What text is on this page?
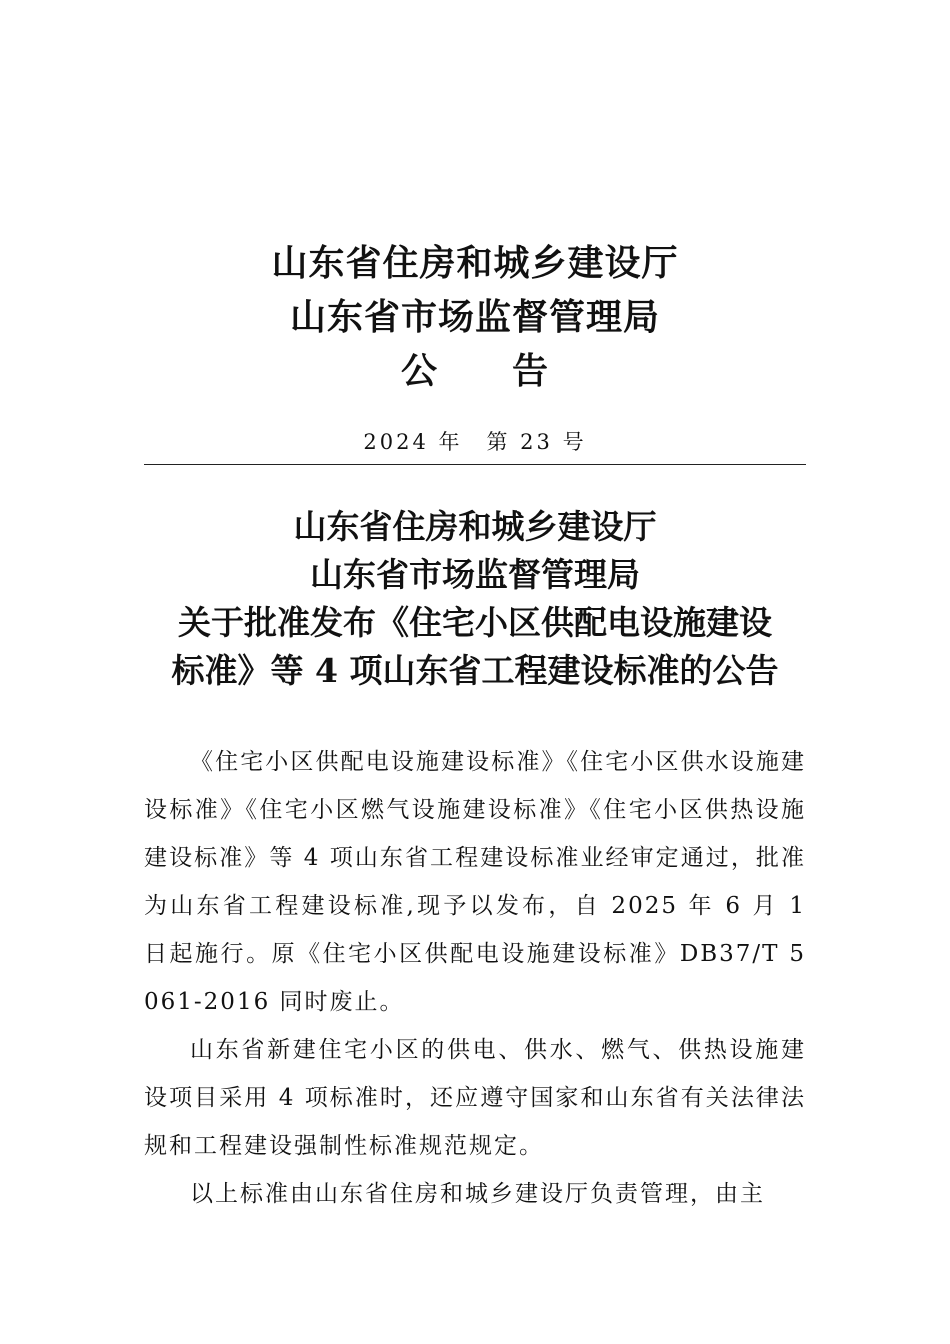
山东省住房和城乡建设厅
山东省市场监督管理局
公　　告
2024 年　第 23 号
山东省住房和城乡建设厅
山东省市场监督管理局
关于批准发布《住宅小区供配电设施建设
标准》等 4 项山东省工程建设标准的公告

《住宅小区供配电设施建设标准》《住宅小区供水设施建设标准》《住宅小区燃气设施建设标准》《住宅小区供热设施建设标准》等 4 项山东省工程建设标准业经审定通过，批准为山东省工程建设标准,现予以发布，自 2025 年 6 月 1 日起施行。原《住宅小区供配电设施建设标准》DB37/T 5061-2016 同时废止。

山东省新建住宅小区的供电、供水、燃气、供热设施建设项目采用 4 项标准时，还应遵守国家和山东省有关法律法规和工程建设强制性标准规范规定。

以上标准由山东省住房和城乡建设厅负责管理，由主
